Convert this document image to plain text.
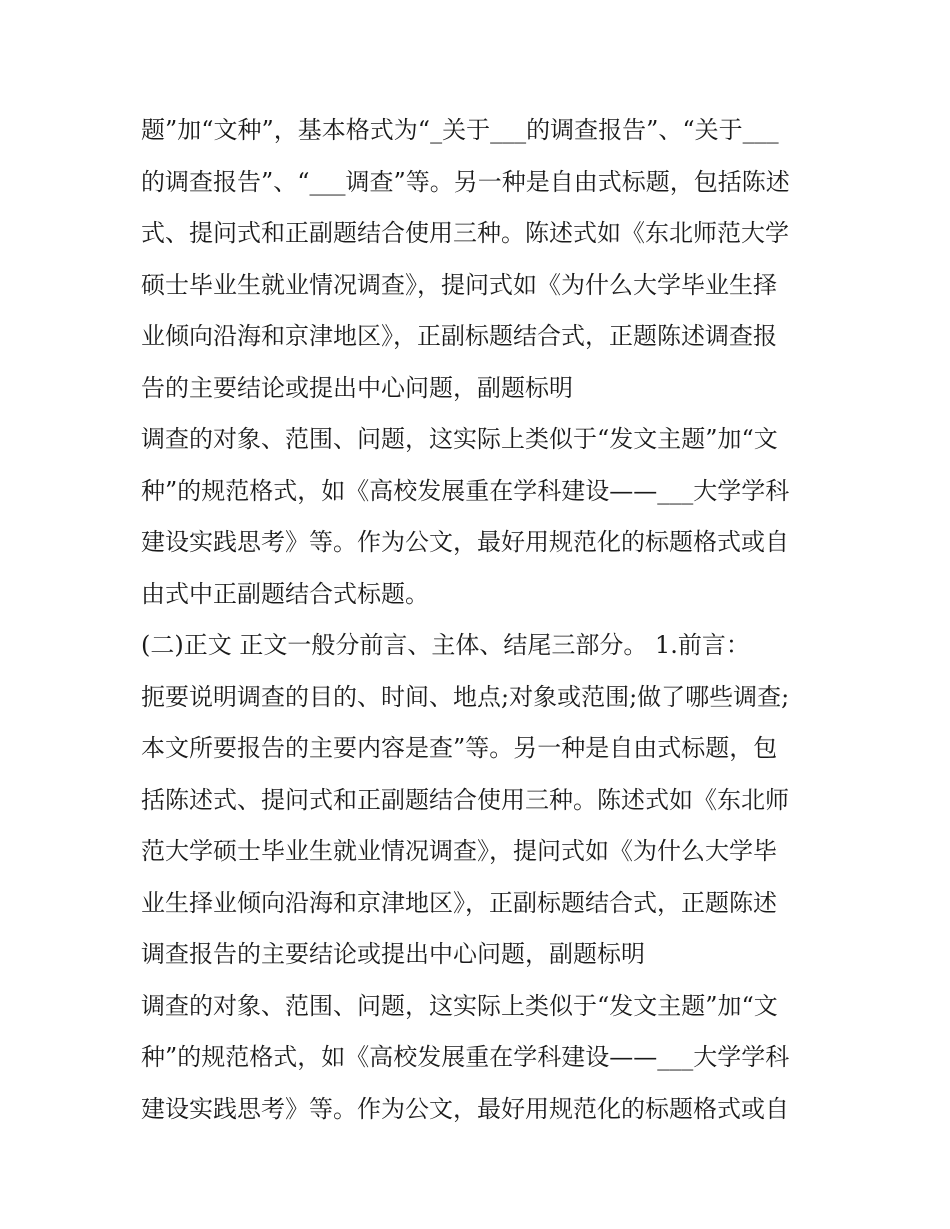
题”加“文种”，基本格式为“_关于___的调查报告”、“关于___
的调查报告”、“___调查”等。另一种是自由式标题，包括陈述
式、提问式和正副题结合使用三种。陈述式如《东北师范大学
硕士毕业生就业情况调查》，提问式如《为什么大学毕业生择
业倾向沿海和京津地区》，正副标题结合式，正题陈述调查报
告的主要结论或提出中心问题，副题标明
调查的对象、范围、问题，这实际上类似于“发文主题”加“文
种”的规范格式，如《高校发展重在学科建设——___大学学科
建设实践思考》等。作为公文，最好用规范化的标题格式或自
由式中正副题结合式标题。
(二)正文 正文一般分前言、主体、结尾三部分。 1.前言：
扼要说明调查的目的、时间、地点;对象或范围;做了哪些调查;
本文所要报告的主要内容是查”等。另一种是自由式标题，包
括陈述式、提问式和正副题结合使用三种。陈述式如《东北师
范大学硕士毕业生就业情况调查》，提问式如《为什么大学毕
业生择业倾向沿海和京津地区》，正副标题结合式，正题陈述
调查报告的主要结论或提出中心问题，副题标明
调查的对象、范围、问题，这实际上类似于“发文主题”加“文
种”的规范格式，如《高校发展重在学科建设——___大学学科
建设实践思考》等。作为公文，最好用规范化的标题格式或自
